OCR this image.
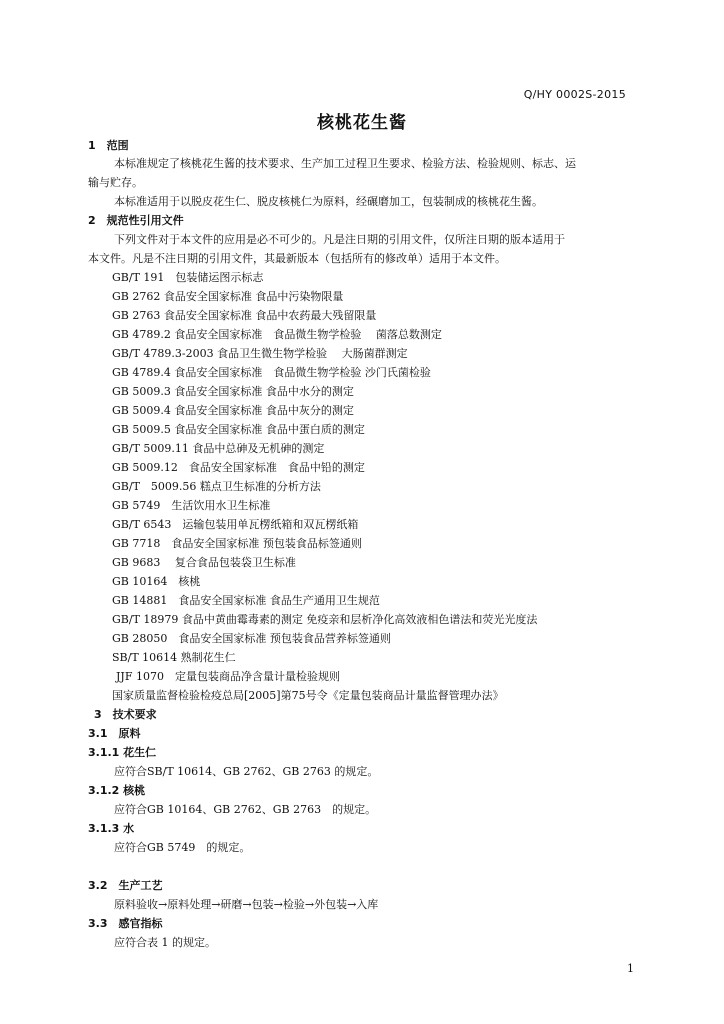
Q/HY 0002S-2015
核桃花生酱
1　范围
本标准规定了核桃花生酱的技术要求、生产加工过程卫生要求、检验方法、检验规则、标志、运
输与贮存。
本标准适用于以脱皮花生仁、脱皮核桃仁为原料，经碾磨加工，包装制成的核桃花生酱。
2　规范性引用文件
下列文件对于本文件的应用是必不可少的。凡是注日期的引用文件，仅所注日期的版本适用于
本文件。凡是不注日期的引用文件，其最新版本（包括所有的修改单）适用于本文件。
GB/T 191　包装储运图示标志
GB 2762 食品安全国家标准 食品中污染物限量
GB 2763 食品安全国家标准 食品中农药最大残留限量
GB 4789.2 食品安全国家标准　食品微生物学检验　 菌落总数测定
GB/T 4789.3-2003 食品卫生微生物学检验　 大肠菌群测定
GB 4789.4 食品安全国家标准　食品微生物学检验 沙门氏菌检验
GB 5009.3 食品安全国家标准 食品中水分的测定
GB 5009.4 食品安全国家标准 食品中灰分的测定
GB 5009.5 食品安全国家标准 食品中蛋白质的测定
GB/T 5009.11 食品中总砷及无机砷的测定
GB 5009.12　食品安全国家标准　食品中铅的测定
GB/T　5009.56 糕点卫生标准的分析方法
GB 5749　生活饮用水卫生标准
GB/T 6543　运输包装用单瓦楞纸箱和双瓦楞纸箱
GB 7718　食品安全国家标准 预包装食品标签通则
GB 9683　 复合食品包装袋卫生标准
GB 10164　核桃
GB 14881　食品安全国家标准 食品生产通用卫生规范
GB/T 18979 食品中黄曲霉毒素的测定 免疫亲和层析净化高效液相色谱法和荧光光度法
GB 28050　食品安全国家标准 预包装食品营养标签通则
SB/T 10614 熟制花生仁
JJF 1070　定量包装商品净含量计量检验规则
国家质量监督检验检疫总局[2005]第75号令《定量包装商品计量监督管理办法》
3　技术要求
3.1　原料
3.1.1 花生仁
应符合SB/T 10614、GB 2762、GB 2763 的规定。
3.1.2 核桃
应符合GB 10164、GB 2762、GB 2763　的规定。
3.1.3 水
应符合GB 5749　的规定。
3.2　生产工艺
原料验收→原料处理→研磨→包装→检验→外包装→入库
3.3　感官指标
应符合表 1 的规定。
1
